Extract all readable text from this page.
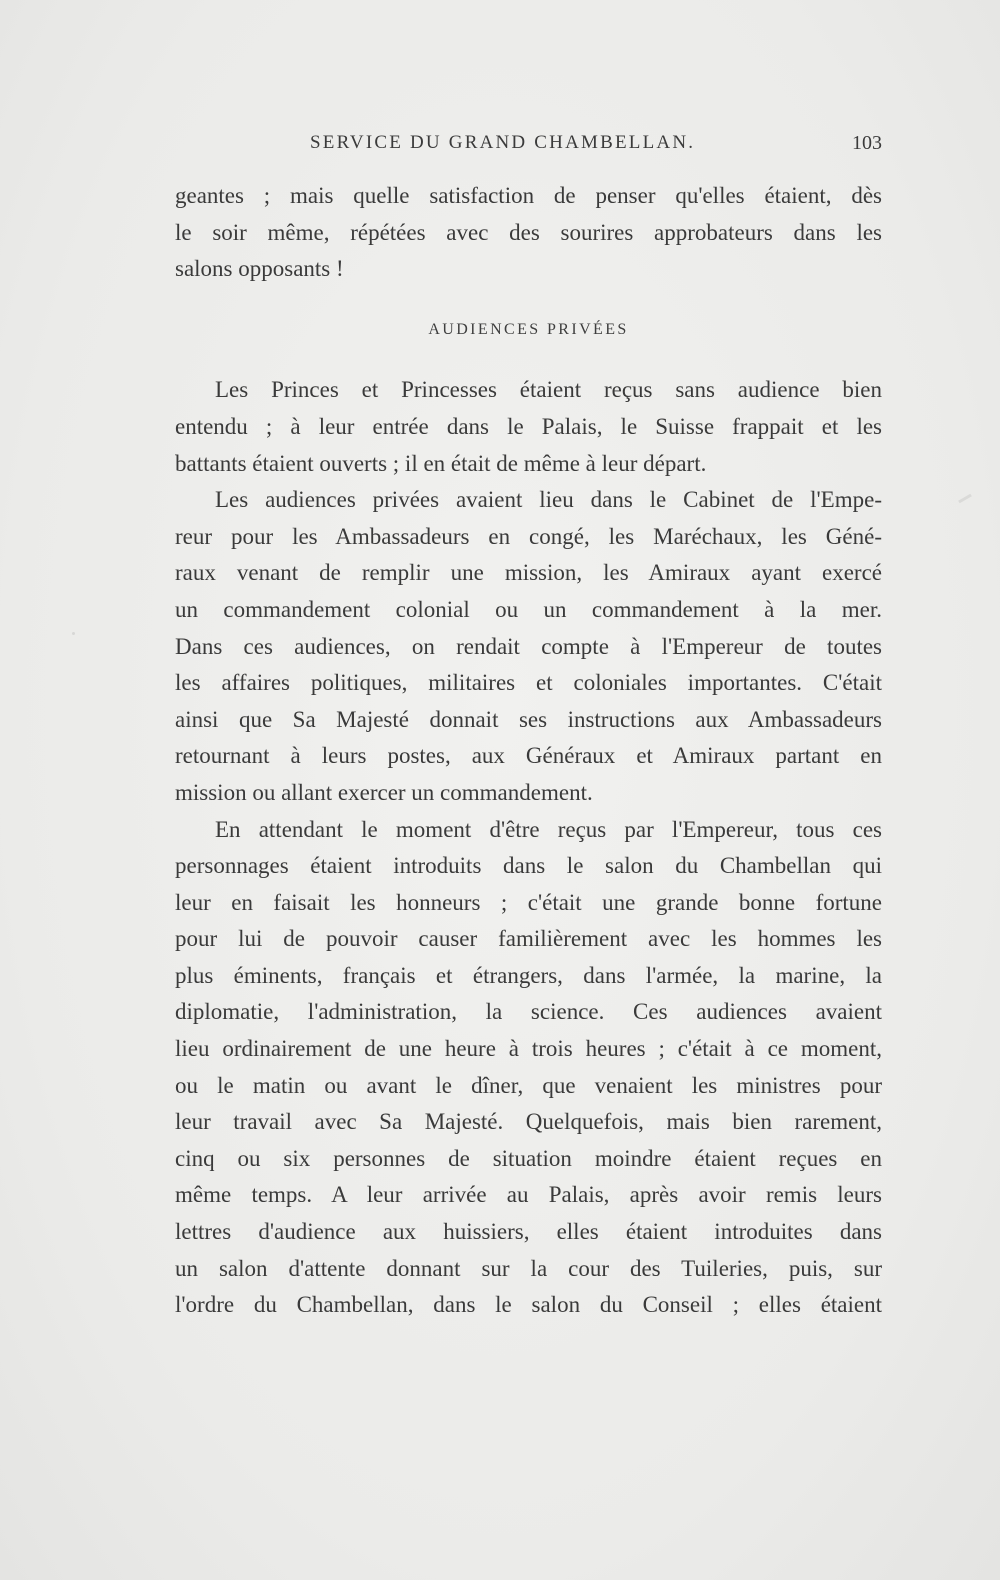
SERVICE DU GRAND CHAMBELLAN.	103
geantes ; mais quelle satisfaction de penser qu'elles étaient, dès
le soir même, répétées avec des sourires approbateurs dans les
salons opposants !
AUDIENCES PRIVÉES
Les Princes et Princesses étaient reçus sans audience bien
entendu ; à leur entrée dans le Palais, le Suisse frappait et les
battants étaient ouverts ; il en était de même à leur départ.
Les audiences privées avaient lieu dans le Cabinet de l'Empe-
reur pour les Ambassadeurs en congé, les Maréchaux, les Géné-
raux venant de remplir une mission, les Amiraux ayant exercé
un commandement colonial ou un commandement à la mer.
Dans ces audiences, on rendait compte à l'Empereur de toutes
les affaires politiques, militaires et coloniales importantes. C'était
ainsi que Sa Majesté donnait ses instructions aux Ambassadeurs
retournant à leurs postes, aux Généraux et Amiraux partant en
mission ou allant exercer un commandement.
En attendant le moment d'être reçus par l'Empereur, tous ces
personnages étaient introduits dans le salon du Chambellan qui
leur en faisait les honneurs ; c'était une grande bonne fortune
pour lui de pouvoir causer familièrement avec les hommes les
plus éminents, français et étrangers, dans l'armée, la marine, la
diplomatie, l'administration, la science. Ces audiences avaient
lieu ordinairement de une heure à trois heures ; c'était à ce moment,
ou le matin ou avant le dîner, que venaient les ministres pour
leur travail avec Sa Majesté. Quelquefois, mais bien rarement,
cinq ou six personnes de situation moindre étaient reçues en
même temps. A leur arrivée au Palais, après avoir remis leurs
lettres d'audience aux huissiers, elles étaient introduites dans
un salon d'attente donnant sur la cour des Tuileries, puis, sur
l'ordre du Chambellan, dans le salon du Conseil ; elles étaient
